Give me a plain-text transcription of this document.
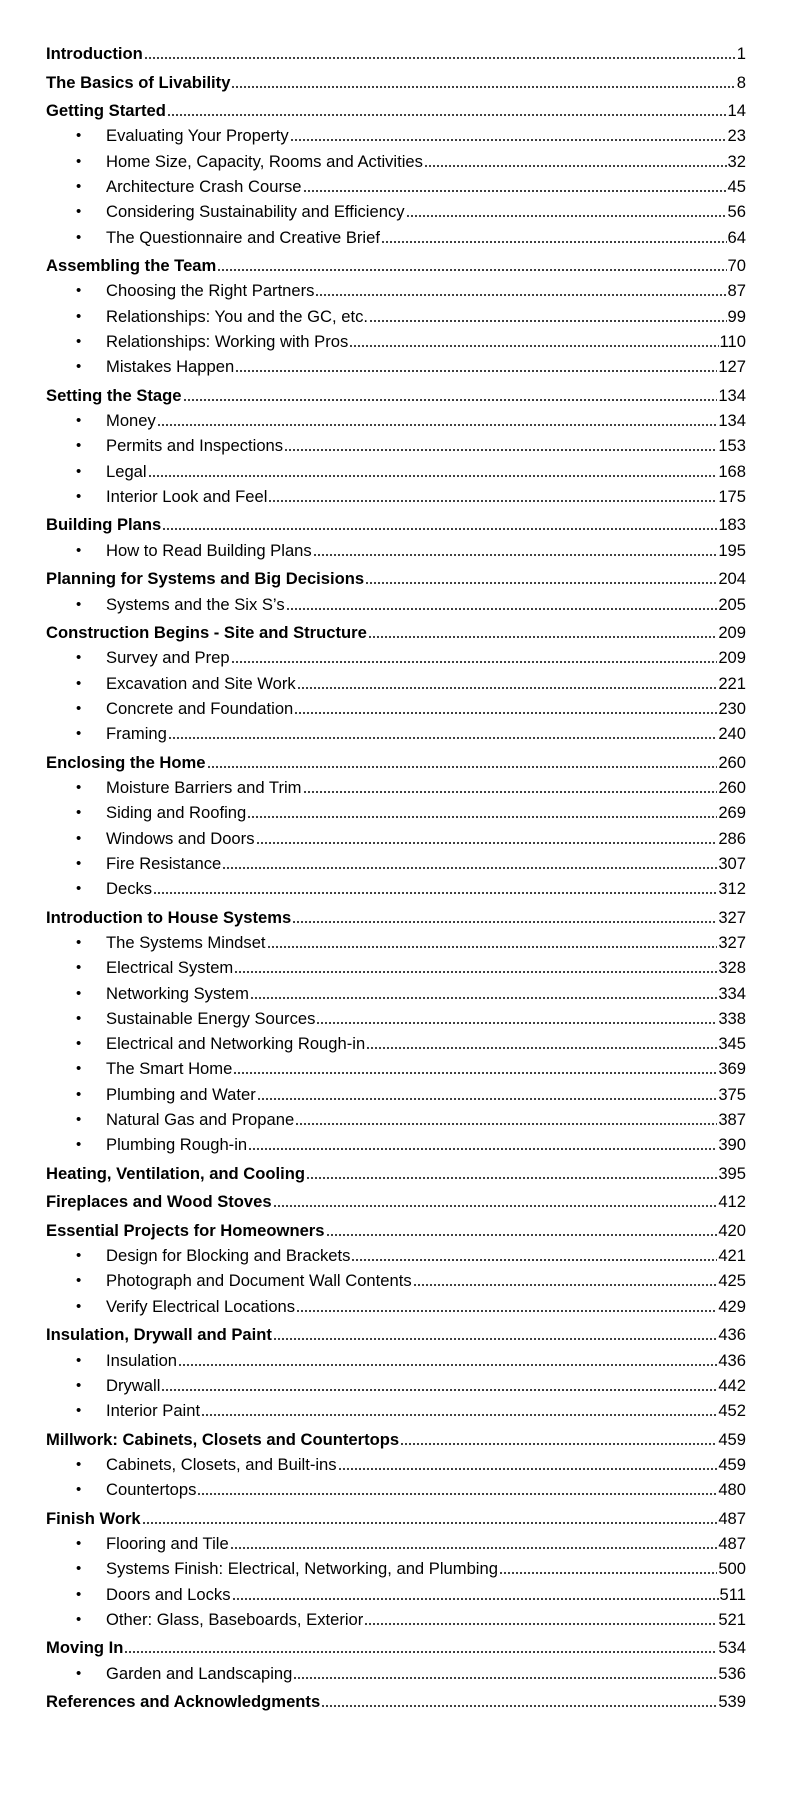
Introduction	1
The Basics of Livability	8
Getting Started	14
• Evaluating Your Property	23
• Home Size, Capacity, Rooms and Activities	32
• Architecture Crash Course	45
• Considering Sustainability and Efficiency	56
• The Questionnaire and Creative Brief	64
Assembling the Team	70
• Choosing the Right Partners	87
• Relationships: You and the GC, etc.	99
• Relationships: Working with Pros	110
• Mistakes Happen	127
Setting the Stage	134
• Money	134
• Permits and Inspections	153
• Legal	168
• Interior Look and Feel	175
Building Plans	183
• How to Read Building Plans	195
Planning for Systems and Big Decisions	204
• Systems and the Six S’s	205
Construction Begins - Site and Structure	209
• Survey and Prep	209
• Excavation and Site Work	221
• Concrete and Foundation	230
• Framing	240
Enclosing the Home	260
• Moisture Barriers and Trim	260
• Siding and Roofing	269
• Windows and Doors	286
• Fire Resistance	307
• Decks	312
Introduction to House Systems	327
• The Systems Mindset	327
• Electrical System	328
• Networking System	334
• Sustainable Energy Sources	338
• Electrical and Networking Rough-in	345
• The Smart Home	369
• Plumbing and Water	375
• Natural Gas and Propane	387
• Plumbing Rough-in	390
Heating, Ventilation, and Cooling	395
Fireplaces and Wood Stoves	412
Essential Projects for Homeowners	420
• Design for Blocking and Brackets	421
• Photograph and Document Wall Contents	425
• Verify Electrical Locations	429
Insulation, Drywall and Paint	436
• Insulation	436
• Drywall	442
• Interior Paint	452
Millwork: Cabinets, Closets and Countertops	459
• Cabinets, Closets, and Built-ins	459
• Countertops	480
Finish Work	487
• Flooring and Tile	487
• Systems Finish: Electrical, Networking, and Plumbing	500
• Doors and Locks	511
• Other: Glass, Baseboards, Exterior	521
Moving In	534
• Garden and Landscaping	536
References and Acknowledgments	539
